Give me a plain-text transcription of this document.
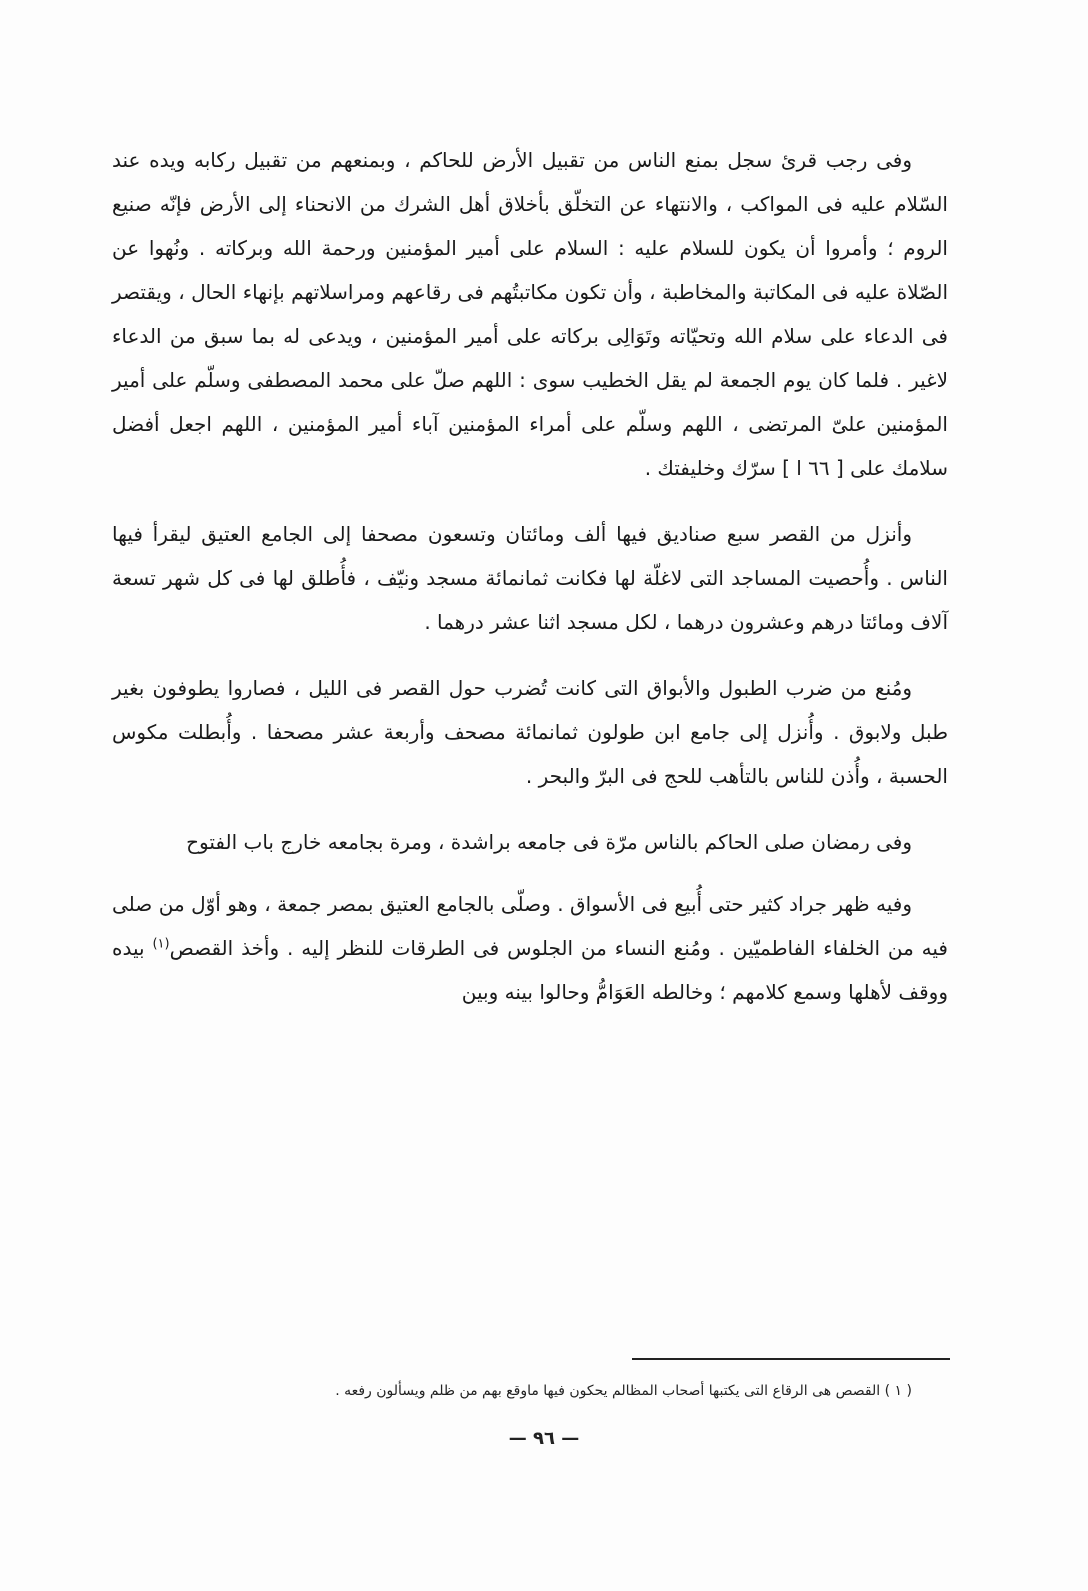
وفى رجب قرئ سجل بمنع الناس من تقبيل الأرض للحاكم ، وبمنعهم من تقبيل ركابه ويده عند السّلام عليه فى المواكب ، والانتهاء عن التخلّق بأخلاق أهل الشرك من الانحناء إلى الأرض فإنّه صنيع الروم ؛ وأمروا أن يكون للسلام عليه : السلام على أمير المؤمنين ورحمة الله وبركاته . ونُهوا عن الصّلاة عليه فى المكاتبة والمخاطبة ، وأن تكون مكاتبتُهم فى رقاعهم ومراسلاتهم بإنهاء الحال ، ويقتصر فى الدعاء على سلام الله وتحيّاته وتَوَالِى بركاته على أمير المؤمنين ، ويدعى له بما سبق من الدعاء لاغير . فلما كان يوم الجمعة لم يقل الخطيب سوى : اللهم صلّ على محمد المصطفى وسلّم على أمير المؤمنين علىّ المرتضى ، اللهم وسلّم على أمراء المؤمنين آباء أمير المؤمنين ، اللهم اجعل أفضل سلامك على [ ٦٦ ا ] سرّك وخليفتك .

وأنزل من القصر سبع صناديق فيها ألف ومائتان وتسعون مصحفا إلى الجامع العتيق ليقرأ فيها الناس . وأُحصيت المساجد التى لاغلّة لها فكانت ثمانمائة مسجد ونيّف ، فأُطلق لها فى كل شهر تسعة آلاف ومائتا درهم وعشرون درهما ، لكل مسجد اثنا عشر درهما .

ومُنع من ضرب الطبول والأبواق التى كانت تُضرب حول القصر فى الليل ، فصاروا يطوفون بغير طبل ولابوق . وأُنزل إلى جامع ابن طولون ثمانمائة مصحف وأربعة عشر مصحفا . وأُبطلت مكوس الحسبة ، وأُذن للناس بالتأهب للحج فى البرّ والبحر .

وفى رمضان صلى الحاكم بالناس مرّة فى جامعه براشدة ، ومرة بجامعه خارج باب الفتوح

وفيه ظهر جراد كثير حتى أُبيع فى الأسواق . وصلّى بالجامع العتيق بمصر جمعة ، وهو أوّل من صلى فيه من الخلفاء الفاطميّين . ومُنع النساء من الجلوس فى الطرقات للنظر إليه . وأخذ القصص$^{(١)}$ بيده ووقف لأهلها وسمع كلامهم ؛ وخالطه العَوَامُّ وحالوا بينه وبين

( ١ ) القصص هى الرقاع التى يكتبها أصحاب المظالم يحكون فيها ماوقع بهم من ظلم ويسألون رفعه .
— ٩٦ —
